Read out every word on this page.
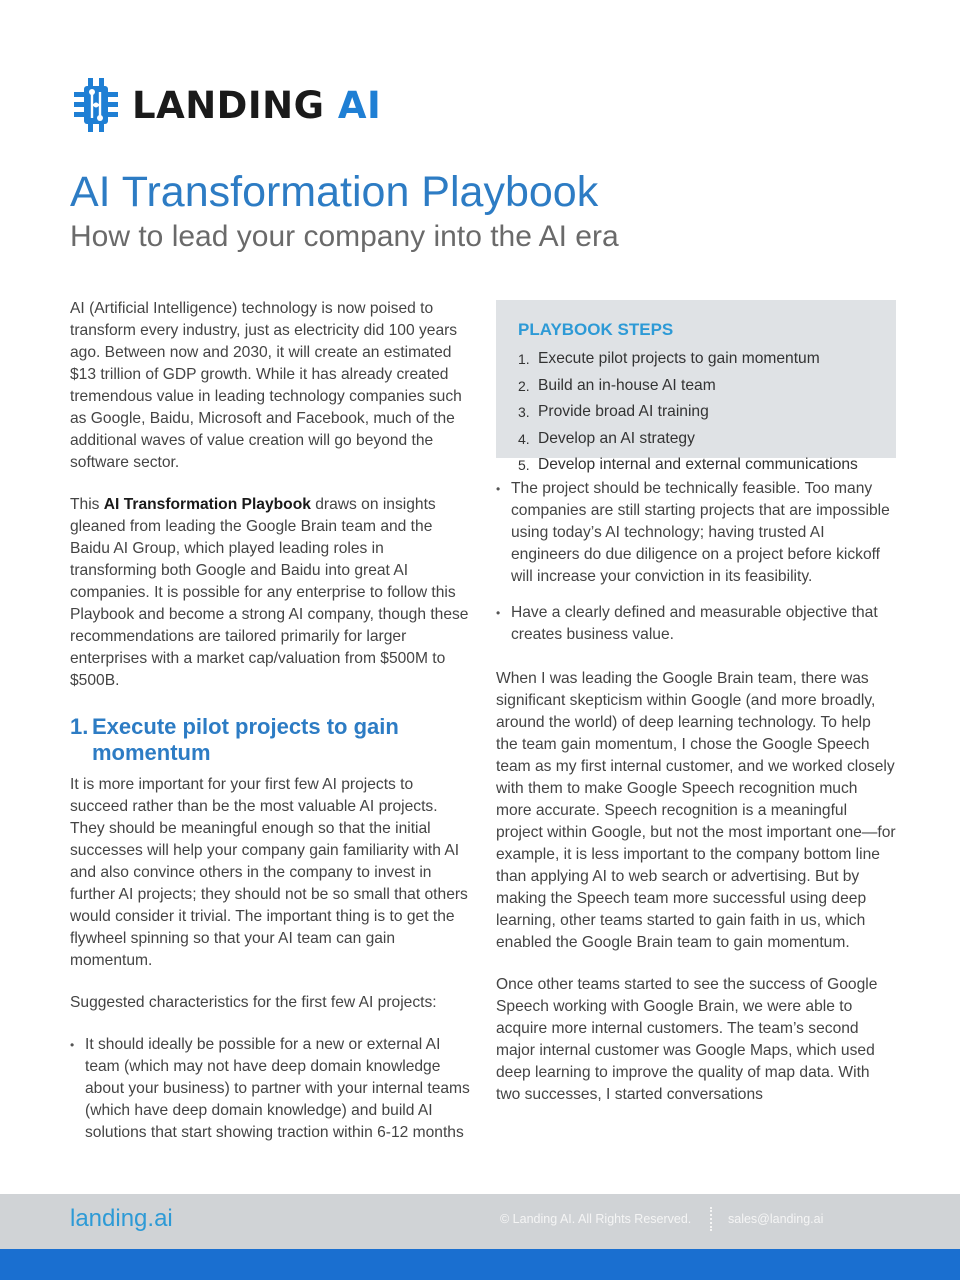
LANDING AI
AI Transformation Playbook
How to lead your company into the AI era

AI (Artificial Intelligence) technology is now poised to transform every industry, just as electricity did 100 years ago. Between now and 2030, it will create an estimated $13 trillion of GDP growth. While it has already created tremendous value in leading technology companies such as Google, Baidu, Microsoft and Facebook, much of the additional waves of value creation will go beyond the software sector.

This AI Transformation Playbook draws on insights gleaned from leading the Google Brain team and the Baidu AI Group, which played leading roles in transforming both Google and Baidu into great AI companies. It is possible for any enterprise to follow this Playbook and become a strong AI company, though these recommendations are tailored primarily for larger enterprises with a market cap/valuation from $500M to $500B.

1. Execute pilot projects to gain momentum

It is more important for your first few AI projects to succeed rather than be the most valuable AI projects. They should be meaningful enough so that the initial successes will help your company gain familiarity with AI and also convince others in the company to invest in further AI projects; they should not be so small that others would consider it trivial. The important thing is to get the flywheel spinning so that your AI team can gain momentum.

Suggested characteristics for the first few AI projects:

• It should ideally be possible for a new or external AI team (which may not have deep domain knowledge about your business) to partner with your internal teams (which have deep domain knowledge) and build AI solutions that start showing traction within 6-12 months
PLAYBOOK STEPS
1. Execute pilot projects to gain momentum
2. Build an in-house AI team
3. Provide broad AI training
4. Develop an AI strategy
5. Develop internal and external communications
• The project should be technically feasible. Too many companies are still starting projects that are impossible using today’s AI technology; having trusted AI engineers do due diligence on a project before kickoff will increase your conviction in its feasibility.
• Have a clearly defined and measurable objective that creates business value.

When I was leading the Google Brain team, there was significant skepticism within Google (and more broadly, around the world) of deep learning technology. To help the team gain momentum, I chose the Google Speech team as my first internal customer, and we worked closely with them to make Google Speech recognition much more accurate. Speech recognition is a meaningful project within Google, but not the most important one—for example, it is less important to the company bottom line than applying AI to web search or advertising. But by making the Speech team more successful using deep learning, other teams started to gain faith in us, which enabled the Google Brain team to gain momentum.

Once other teams started to see the success of Google Speech working with Google Brain, we were able to acquire more internal customers. The team’s second major internal customer was Google Maps, which used deep learning to improve the quality of map data. With two successes, I started conversations

landing.ai	© Landing AI. All Rights Reserved.	sales@landing.ai
